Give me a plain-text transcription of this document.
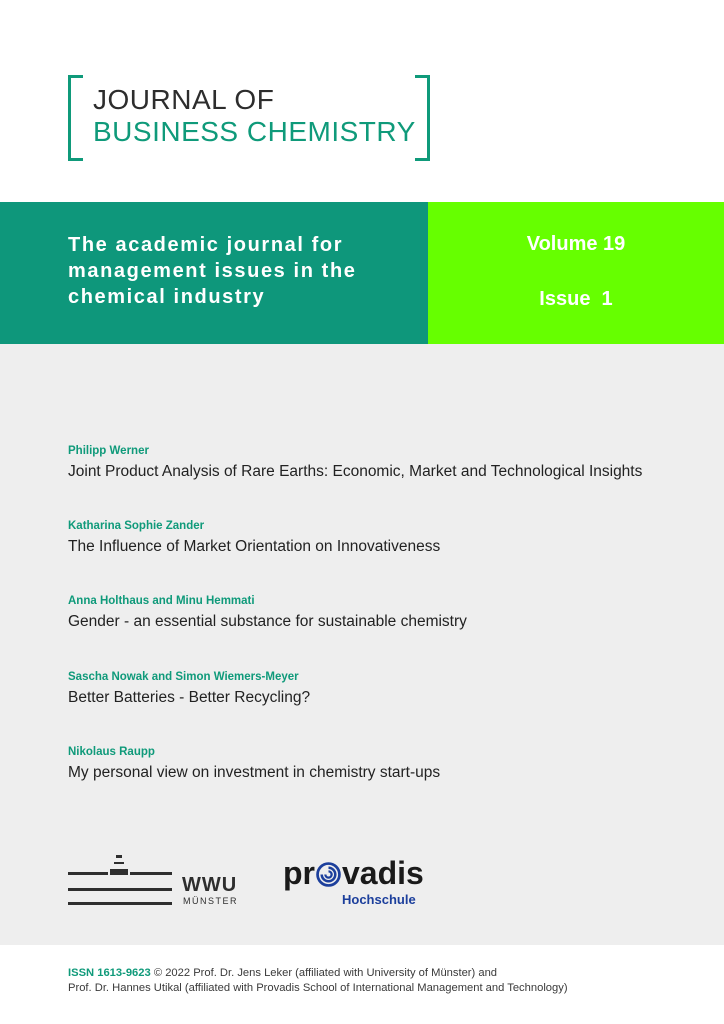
JOURNAL OF
BUSINESS CHEMISTRY
The academic journal for management issues in the chemical industry
Volume 19
Issue  1
Philipp Werner
Joint Product Analysis of Rare Earths: Economic, Market and Technological Insights
Katharina Sophie Zander
The Influence of Market Orientation on Innovativeness
Anna Holthaus and Minu Hemmati
Gender - an essential substance for sustainable chemistry
Sascha Nowak and Simon Wiemers-Meyer
Better Batteries - Better Recycling?
Nikolaus Raupp
My personal view on investment in chemistry start-ups
WWU
MÜNSTER
pr vadis
Hochschule
ISSN 1613-9623 © 2022 Prof. Dr. Jens Leker (affiliated with University of Münster) and
Prof. Dr. Hannes Utikal (affiliated with Provadis School of International Management and Technology)
